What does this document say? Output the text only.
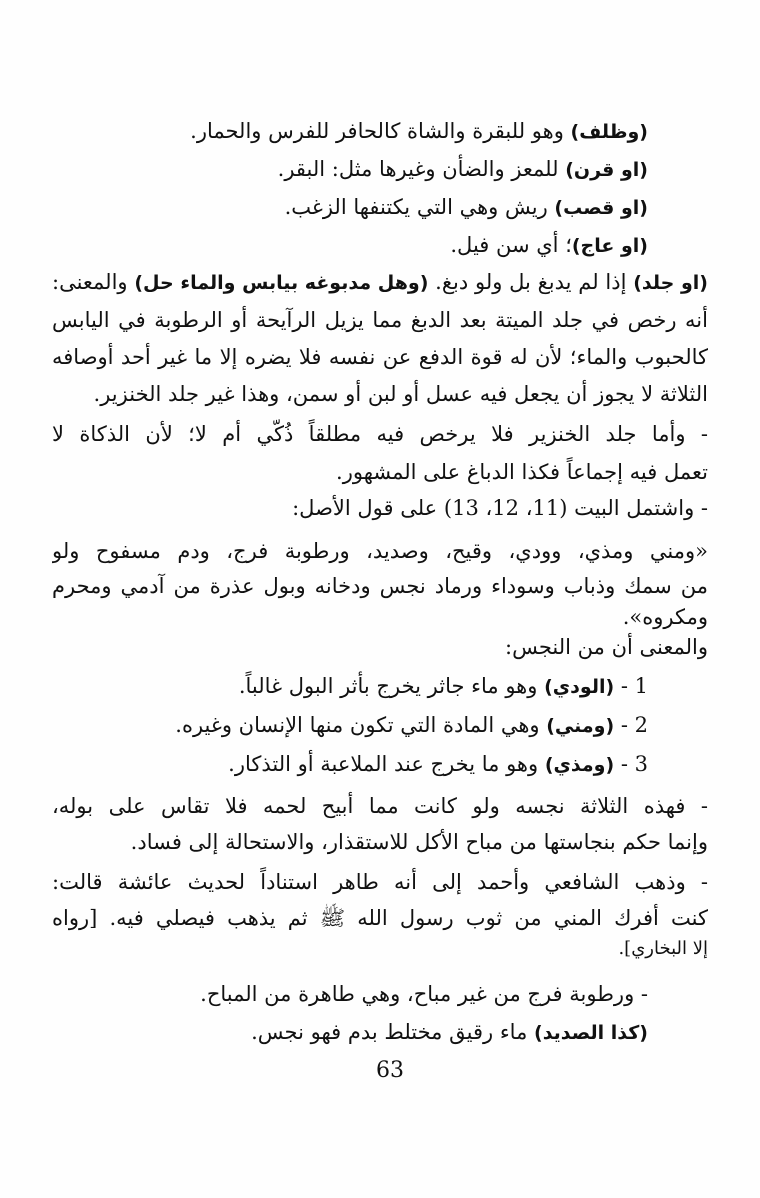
(وظلف) وهو للبقرة والشاة كالحافر للفرس والحمار.
(او قرن) للمعز والضأن وغيرها مثل: البقر.
(او قصب) ريش وهي التي يكتنفها الزغب.
(او عاج)؛ أي سن فيل.
(او جلد) إذا لم يدبغ بل ولو دبغ. (وهل مدبوغه بيابس والماء حل) والمعنى:
أنه رخص في جلد الميتة بعد الدبغ مما يزيل الرآيحة أو الرطوبة في اليابس
كالحبوب والماء؛ لأن له قوة الدفع عن نفسه فلا يضره إلا ما غير أحد أوصافه
الثلاثة لا يجوز أن يجعل فيه عسل أو لبن أو سمن، وهذا غير جلد الخنزير.
- وأما جلد الخنزير فلا يرخص فيه مطلقاً ذُكّي أم لا؛ لأن الذكاة لا
تعمل فيه إجماعاً فكذا الدباغ على المشهور.
- واشتمل البيت (11، 12، 13) على قول الأصل:
«ومني ومذي، وودي، وقيح، وصديد، ورطوبة فرج، ودم مسفوح ولو
من سمك وذباب وسوداء ورماد نجس ودخانه وبول عذرة من آدمي ومحرم
ومكروه».
والمعنى أن من النجس:
1 - (الودي) وهو ماء جاثر يخرج بأثر البول غالباً.
2 - (ومني) وهي المادة التي تكون منها الإنسان وغيره.
3 - (ومذي) وهو ما يخرج عند الملاعبة أو التذكار.
- فهذه الثلاثة نجسه ولو كانت مما أبيح لحمه فلا تقاس على بوله،
وإنما حكم بنجاستها من مباح الأكل للاستقذار، والاستحالة إلى فساد.
- وذهب الشافعي وأحمد إلى أنه طاهر استناداً لحديث عائشة قالت:
كنت أفرك المني من ثوب رسول الله ﷺ ثم يذهب فيصلي فيه. [رواه
إلا البخاري].
- ورطوبة فرج من غير مباح، وهي طاهرة من المباح.
(كذا الصديد) ماء رقيق مختلط بدم فهو نجس.
63
